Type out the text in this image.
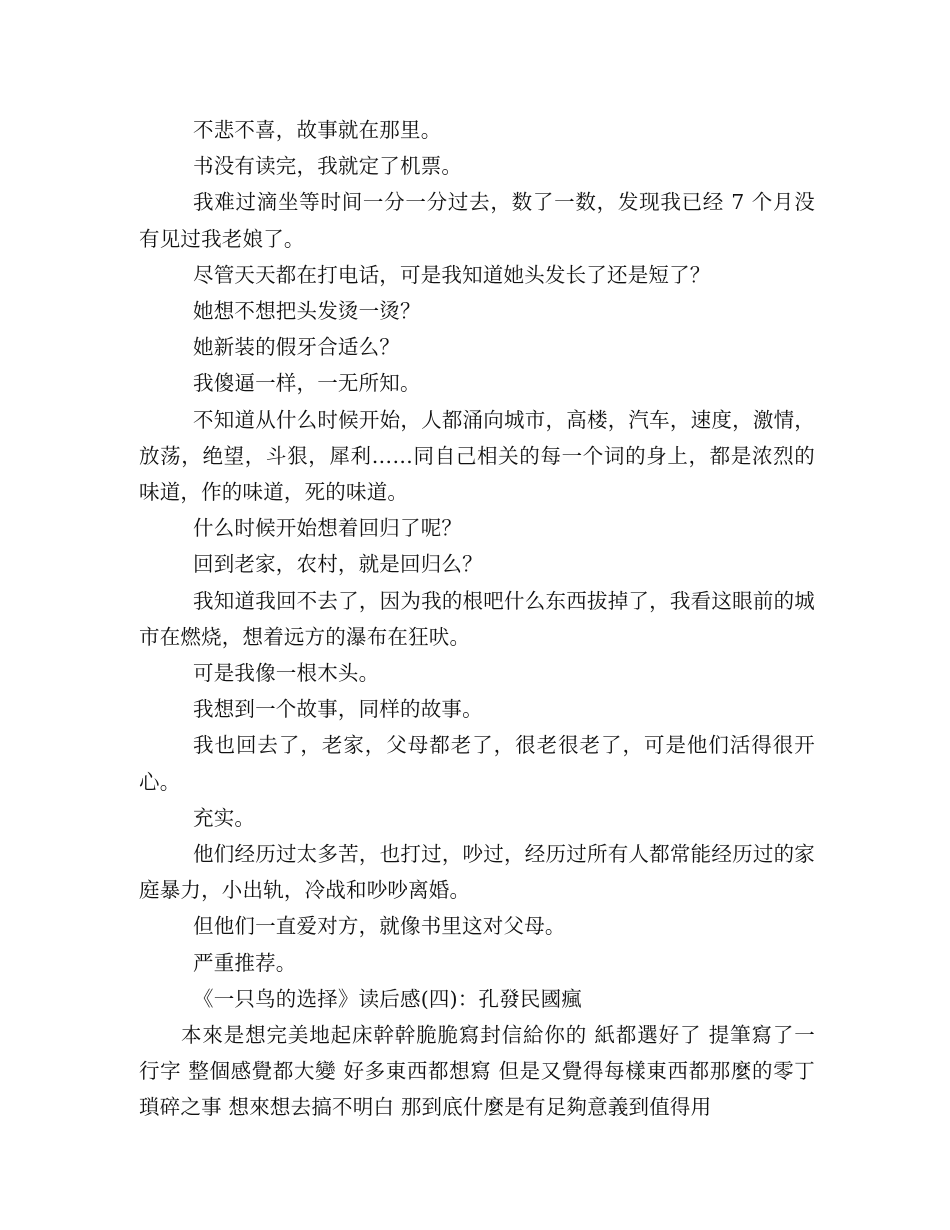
不悲不喜，故事就在那里。

书没有读完，我就定了机票。

我难过滴坐等时间一分一分过去，数了一数，发现我已经 7 个月没有见过我老娘了。

尽管天天都在打电话，可是我知道她头发长了还是短了？

她想不想把头发烫一烫？

她新装的假牙合适么？

我傻逼一样，一无所知。

不知道从什么时候开始，人都涌向城市，高楼，汽车，速度，激情，放荡，绝望，斗狠，犀利……同自己相关的每一个词的身上，都是浓烈的味道，作的味道，死的味道。

什么时候开始想着回归了呢？

回到老家，农村，就是回归么？

我知道我回不去了，因为我的根吧什么东西拔掉了，我看这眼前的城市在燃烧，想着远方的瀑布在狂吠。

可是我像一根木头。

我想到一个故事，同样的故事。

我也回去了，老家，父母都老了，很老很老了，可是他们活得很开心。

充实。

他们经历过太多苦，也打过，吵过，经历过所有人都常能经历过的家庭暴力，小出轨，冷战和吵吵离婚。

但他们一直爱对方，就像书里这对父母。

严重推荐。

《一只鸟的选择》读后感(四)：孔發民國瘋

本來是想完美地起床幹幹脆脆寫封信給你的 紙都選好了 提筆寫了一行字 整個感覺都大變 好多東西都想寫 但是又覺得每樣東西都那麼的零丁瑣碎之事 想來想去搞不明白 那到底什麼是有足夠意義到值得用
